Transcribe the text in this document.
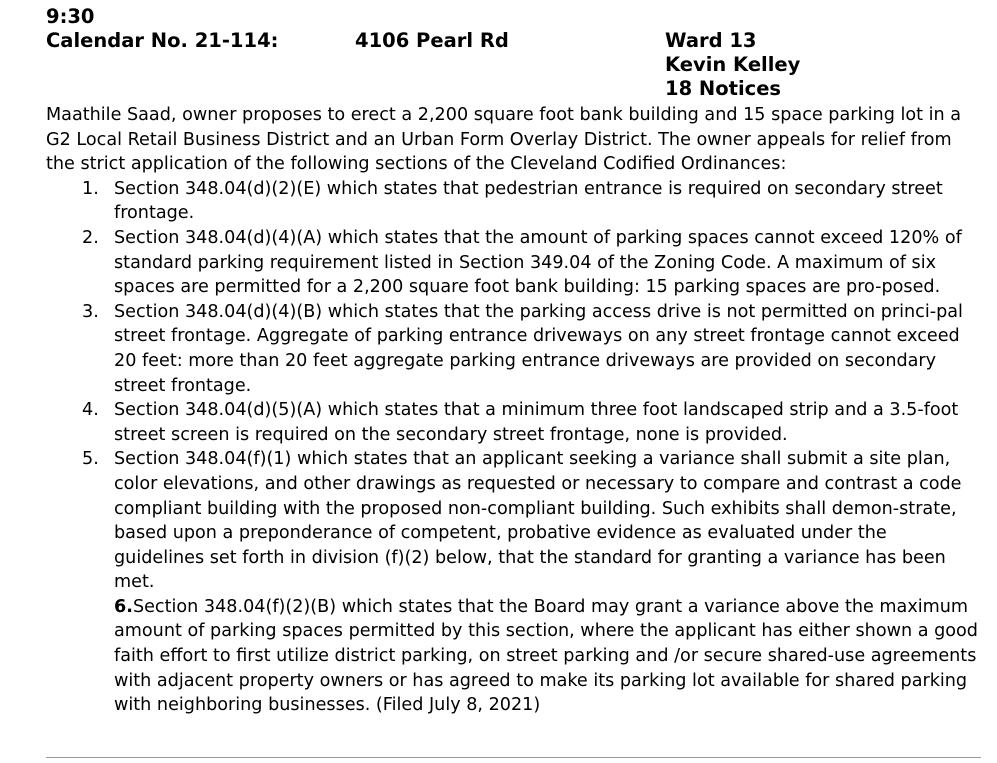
9:30
Calendar No. 21-114:	4106 Pearl Rd	Ward 13
Kevin Kelley
18 Notices

Maathile Saad, owner proposes to erect a 2,200 square foot bank building and 15 space parking lot in a G2 Local Retail Business District and an Urban Form Overlay District. The owner appeals for relief from the strict application of the following sections of the Cleveland Codified Ordinances:

1. Section 348.04(d)(2)(E) which states that pedestrian entrance is required on secondary street frontage.
2. Section 348.04(d)(4)(A) which states that the amount of parking spaces cannot exceed 120% of standard parking requirement listed in Section 349.04 of the Zoning Code. A maximum of six spaces are permitted for a 2,200 square foot bank building: 15 parking spaces are pro-posed.
3. Section 348.04(d)(4)(B) which states that the parking access drive is not permitted on princi-pal street frontage. Aggregate of parking entrance driveways on any street frontage cannot exceed 20 feet: more than 20 feet aggregate parking entrance driveways are provided on secondary street frontage.
4. Section 348.04(d)(5)(A) which states that a minimum three foot landscaped strip and a 3.5-foot street screen is required on the secondary street frontage, none is provided.
5. Section 348.04(f)(1) which states that an applicant seeking a variance shall submit a site plan, color elevations, and other drawings as requested or necessary to compare and contrast a code compliant building with the proposed non-compliant building. Such exhibits shall demon-strate, based upon a preponderance of competent, probative evidence as evaluated under the guidelines set forth in division (f)(2) below, that the standard for granting a variance has been met.
6.Section 348.04(f)(2)(B) which states that the Board may grant a variance above the maximum amount of parking spaces permitted by this section, where the applicant has either shown a good faith effort to first utilize district parking, on street parking and /or secure shared-use agreements with adjacent property owners or has agreed to make its parking lot available for shared parking with neighboring businesses. (Filed July 8, 2021)
